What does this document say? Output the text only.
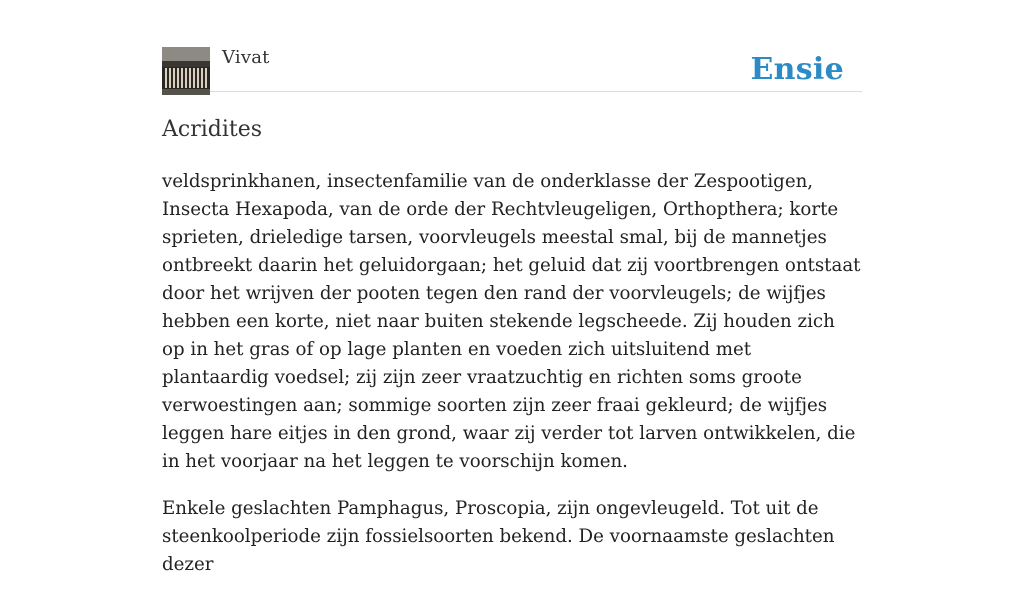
Vivat	Ensie
Acridites

veldsprinkhanen, insectenfamilie van de onderklasse der Zespootigen, Insecta Hexapoda, van de orde der Rechtvleugeligen, Orthopthera; korte sprieten, drieledige tarsen, voorvleugels meestal smal, bij de mannetjes ontbreekt daarin het geluidorgaan; het geluid dat zij voortbrengen ontstaat door het wrijven der pooten tegen den rand der voorvleugels; de wijfjes hebben een korte, niet naar buiten stekende legscheede. Zij houden zich op in het gras of op lage planten en voeden zich uitsluitend met plantaardig voedsel; zij zijn zeer vraatzuchtig en richten soms groote verwoestingen aan; sommige soorten zijn zeer fraai gekleurd; de wijfjes leggen hare eitjes in den grond, waar zij verder tot larven ontwikkelen, die in het voorjaar na het leggen te voorschijn komen.

Enkele geslachten Pamphagus, Proscopia, zijn ongevleugeld. Tot uit de steenkoolperiode zijn fossielsoorten bekend. De voornaamste geslachten dezer
